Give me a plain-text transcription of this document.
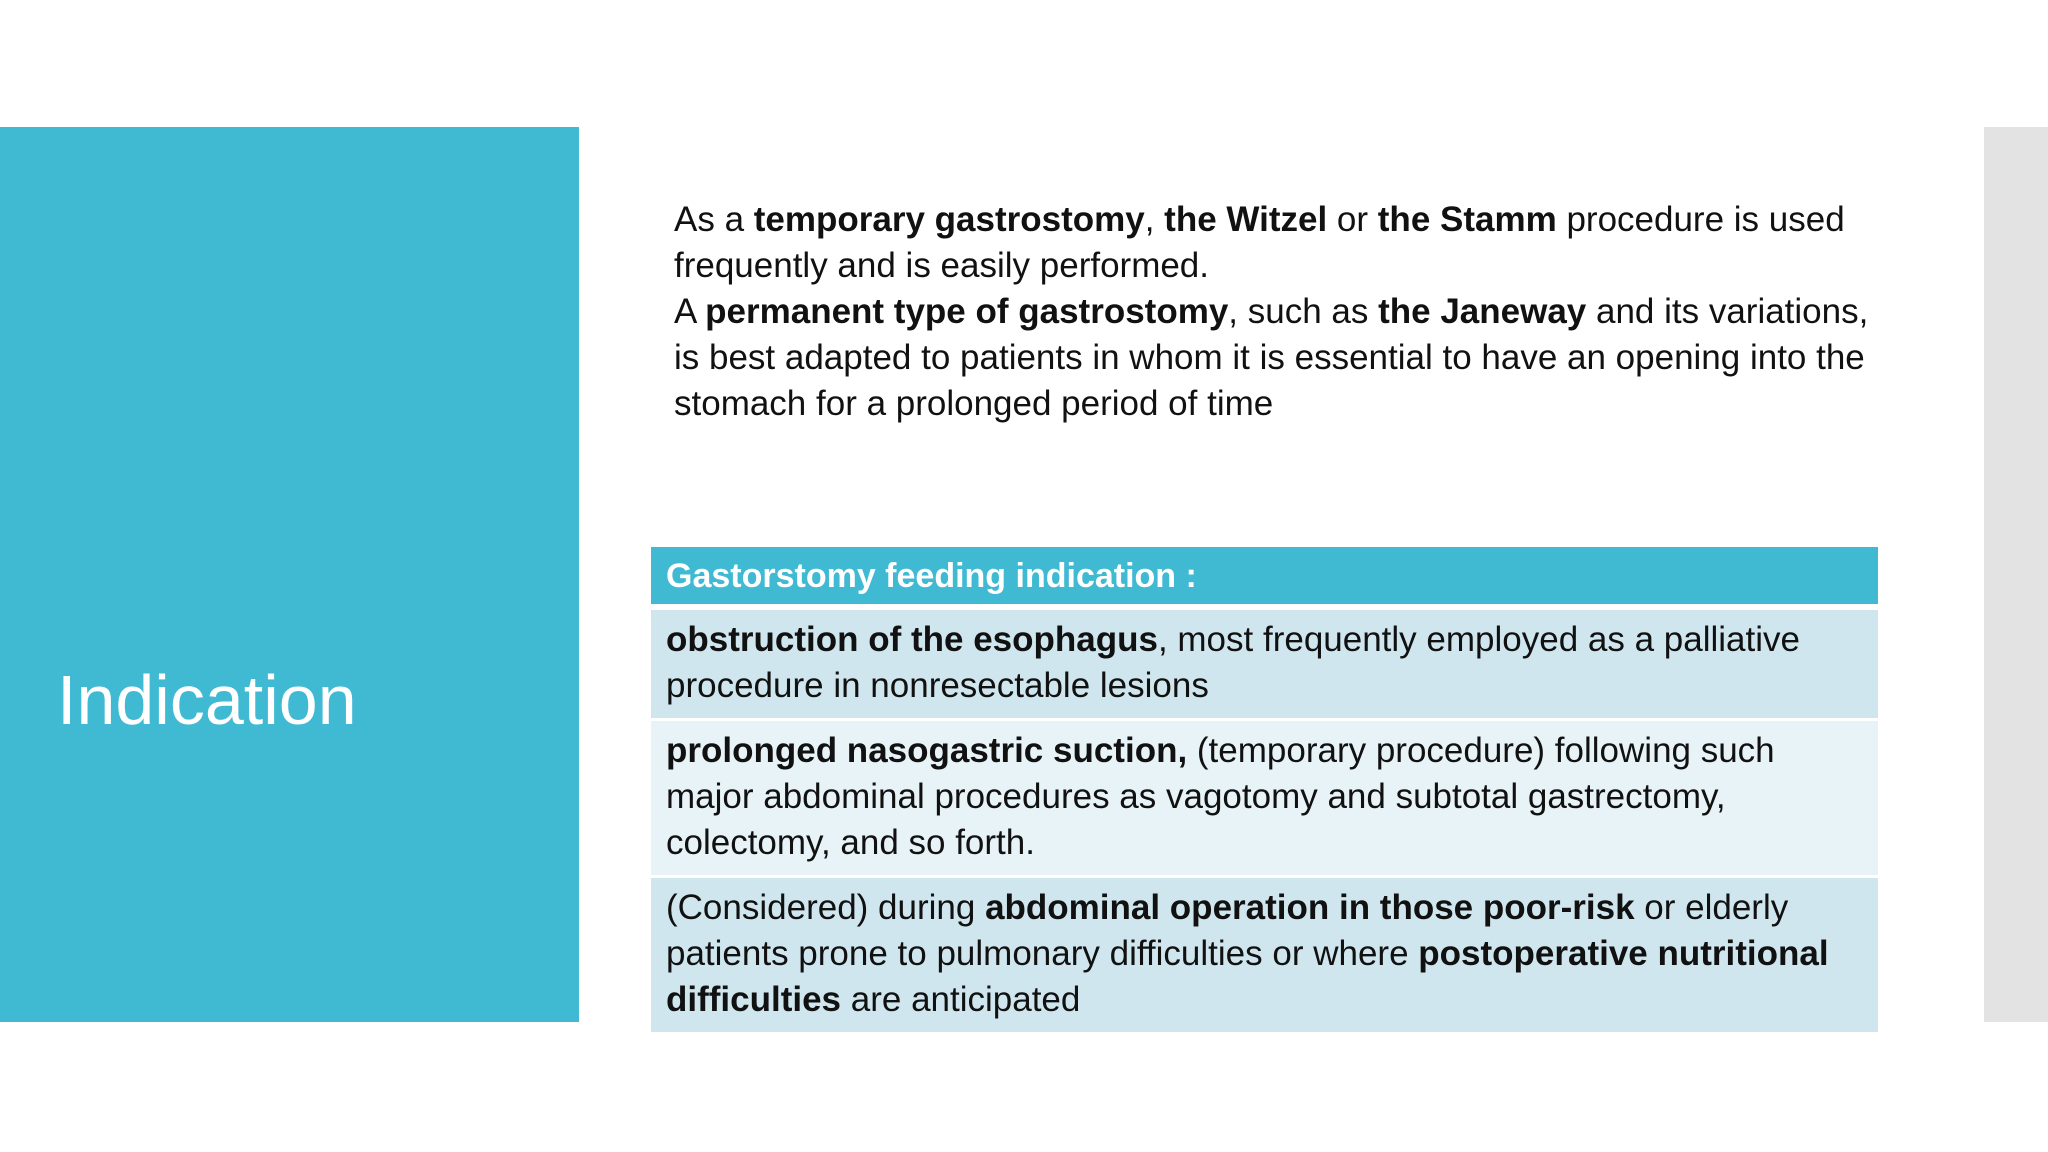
Indication

As a temporary gastrostomy, the Witzel or the Stamm procedure is used frequently and is easily performed.

A permanent type of gastrostomy, such as the Janeway and its variations, is best adapted to patients in whom it is essential to have an opening into the stomach for a prolonged period of time

Gastorstomy feeding indication :
obstruction of the esophagus, most frequently employed as a palliative procedure in nonresectable lesions
prolonged nasogastric suction, (temporary procedure) following such major abdominal procedures as vagotomy and subtotal gastrectomy, colectomy, and so forth.
(Considered) during abdominal operation in those poor-risk or elderly patients prone to pulmonary difficulties or where postoperative nutritional difficulties are anticipated
